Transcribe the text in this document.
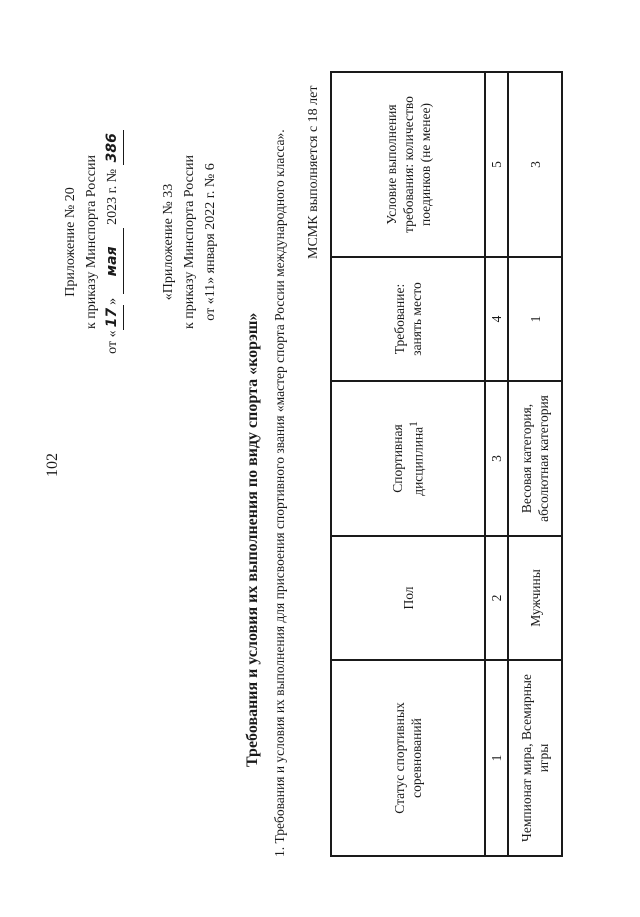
102
Приложение № 20 к приказу Минспорта России
от «17» мая 2023 г. № 386
«Приложение № 33 к приказу Минспорта России от «11» января 2022 г. № 6
Требования и условия их выполнения по виду спорта «корэш» 1. Требования и условия их выполнения для присвоения спортивного звания «мастер спорта России международного класса». МСМК выполняется с 18 лет
Статус спортивных соревнований	Пол	Спортивная дисциплина$^1$	Требование: занять место	Условие выполнения требования: количество поединков (не менее)
1	2	3	4	5
Чемпионат мира, Всемирные игры	Мужчины	Весовая категория, абсолютная категория	1	3
